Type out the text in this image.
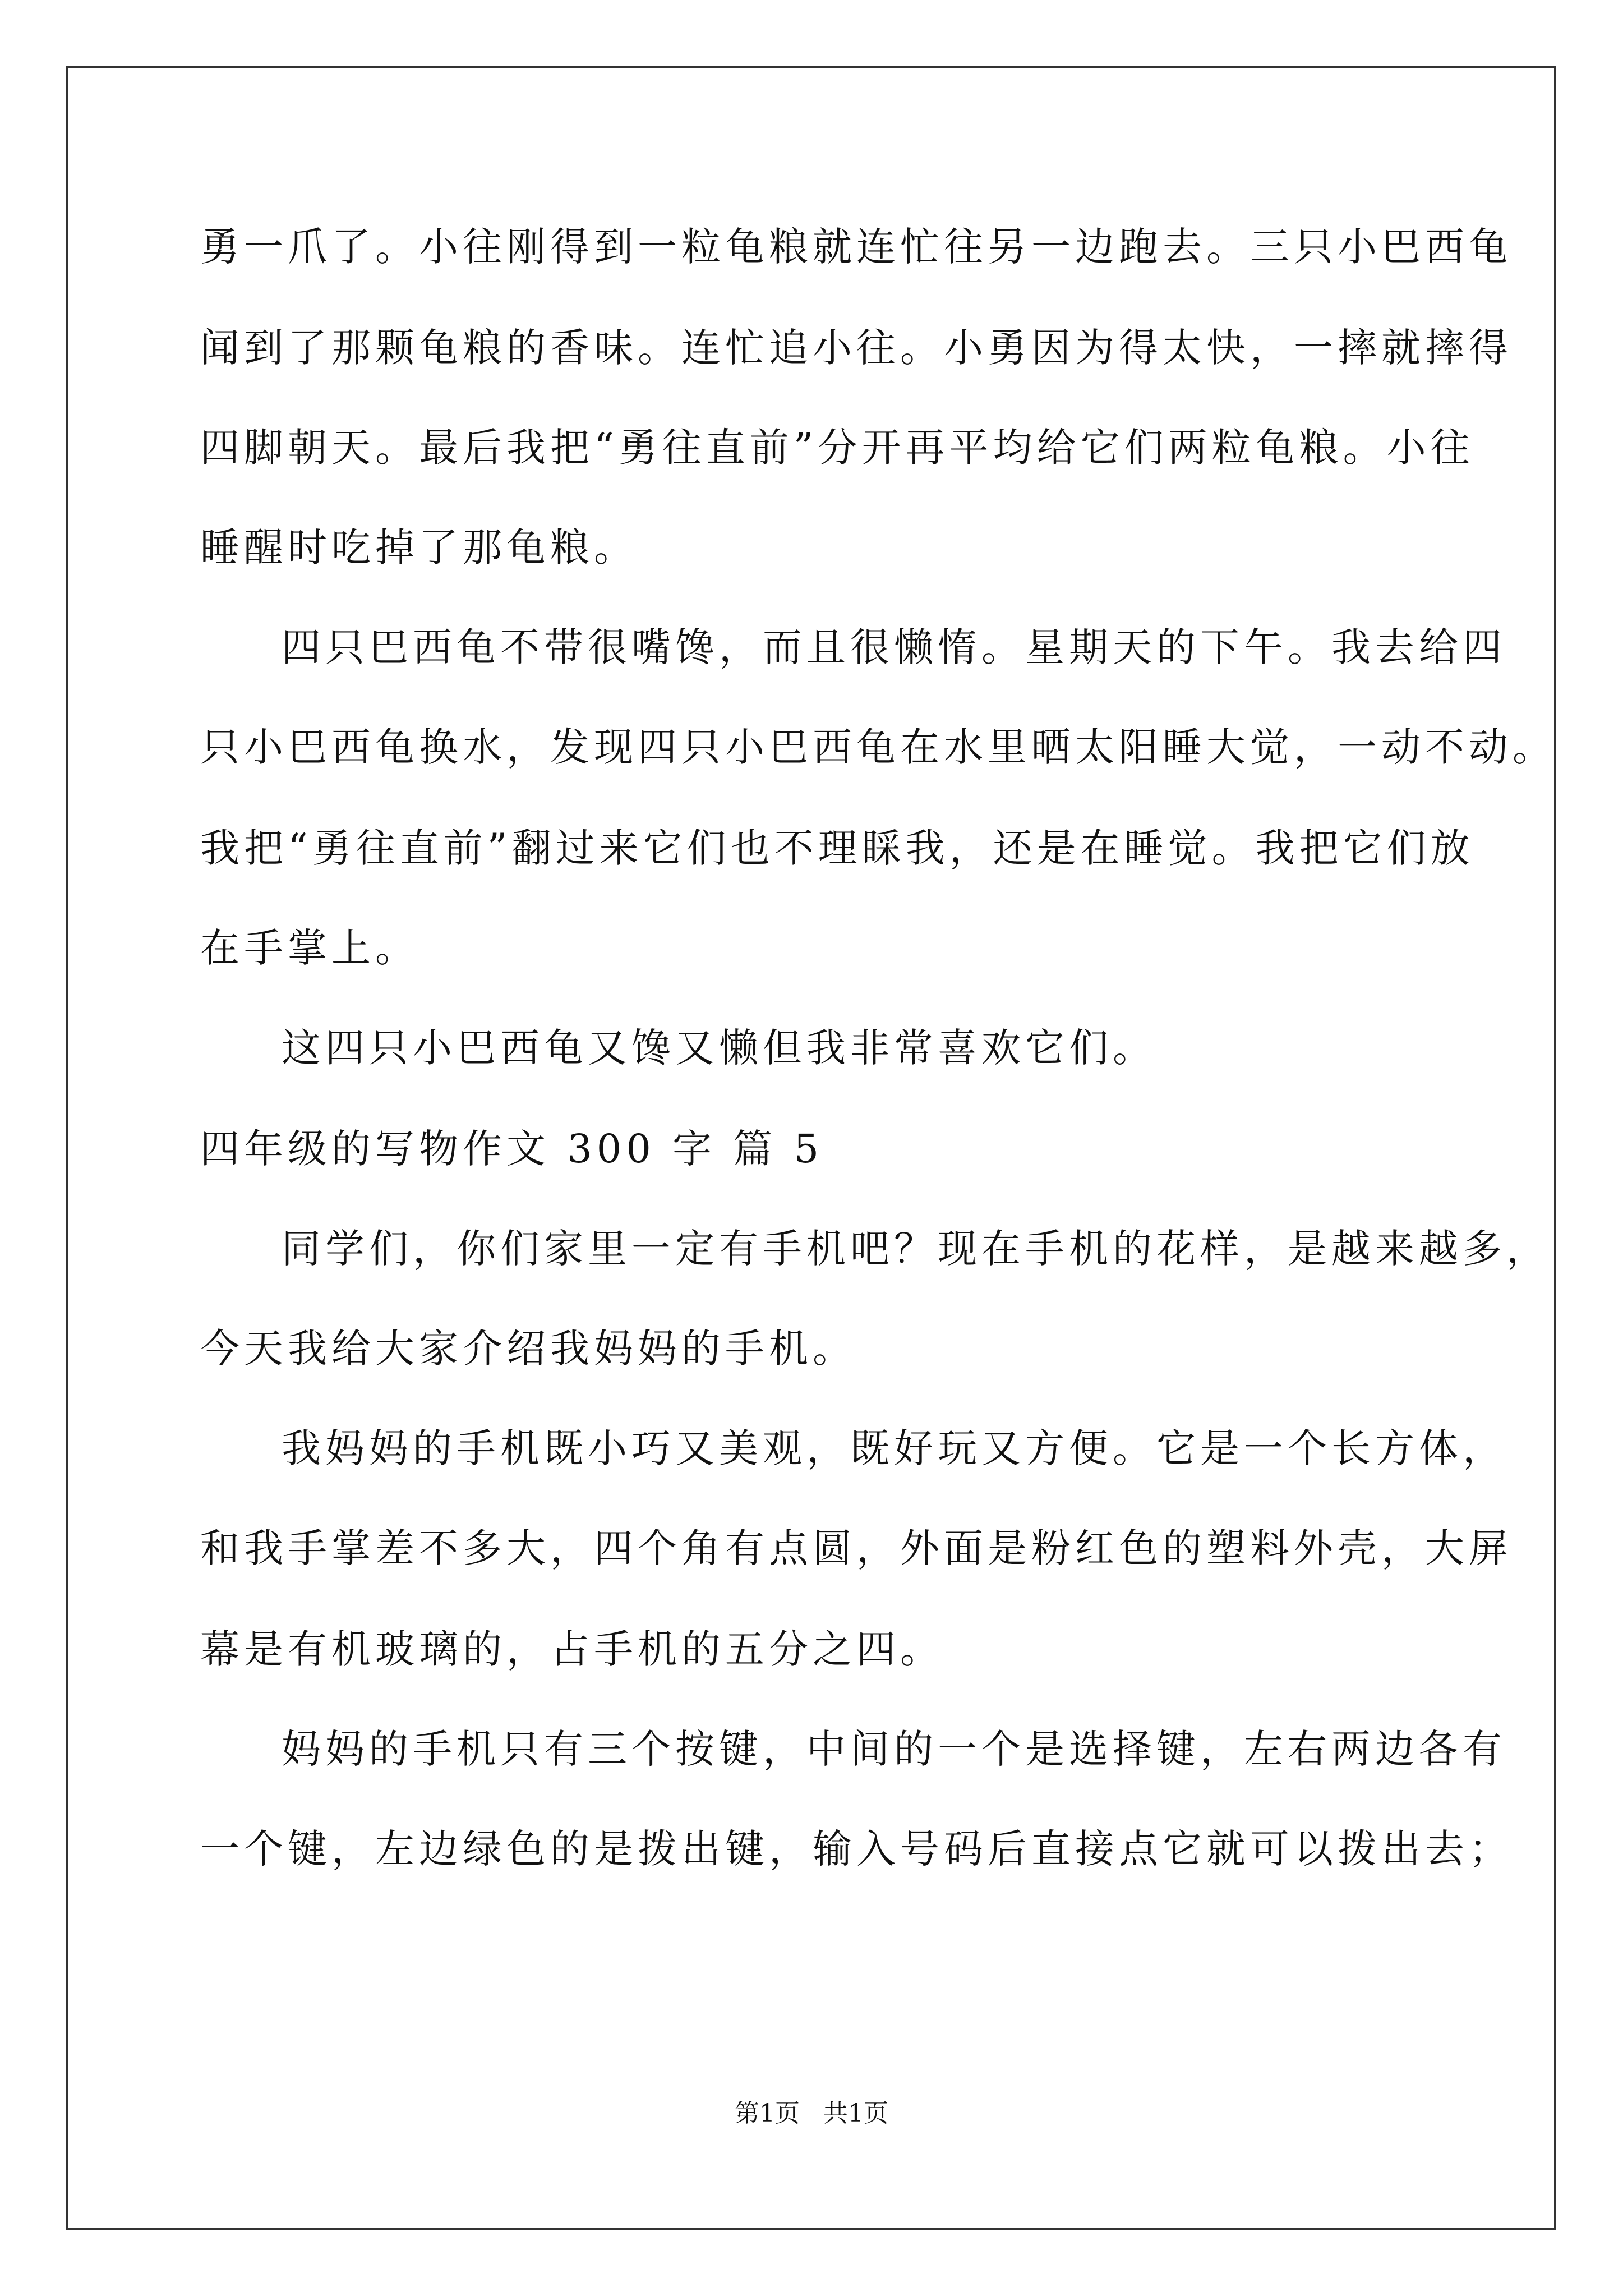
勇一爪了。小往刚得到一粒龟粮就连忙往另一边跑去。三只小巴西龟
闻到了那颗龟粮的香味。连忙追小往。小勇因为得太快，一摔就摔得
四脚朝天。最后我把“勇往直前”分开再平均给它们两粒龟粮。小往
睡醒时吃掉了那龟粮。
四只巴西龟不带很嘴馋，而且很懒惰。星期天的下午。我去给四
只小巴西龟换水，发现四只小巴西龟在水里晒太阳睡大觉，一动不动。
我把“勇往直前”翻过来它们也不理睬我，还是在睡觉。我把它们放
在手掌上。
这四只小巴西龟又馋又懒但我非常喜欢它们。
四年级的写物作文 300 字 篇 5
同学们，你们家里一定有手机吧？现在手机的花样，是越来越多，
今天我给大家介绍我妈妈的手机。
我妈妈的手机既小巧又美观，既好玩又方便。它是一个长方体，
和我手掌差不多大，四个角有点圆，外面是粉红色的塑料外壳，大屏
幕是有机玻璃的，占手机的五分之四。
妈妈的手机只有三个按键，中间的一个是选择键，左右两边各有
一个键，左边绿色的是拨出键，输入号码后直接点它就可以拨出去；
第1页   共1页
